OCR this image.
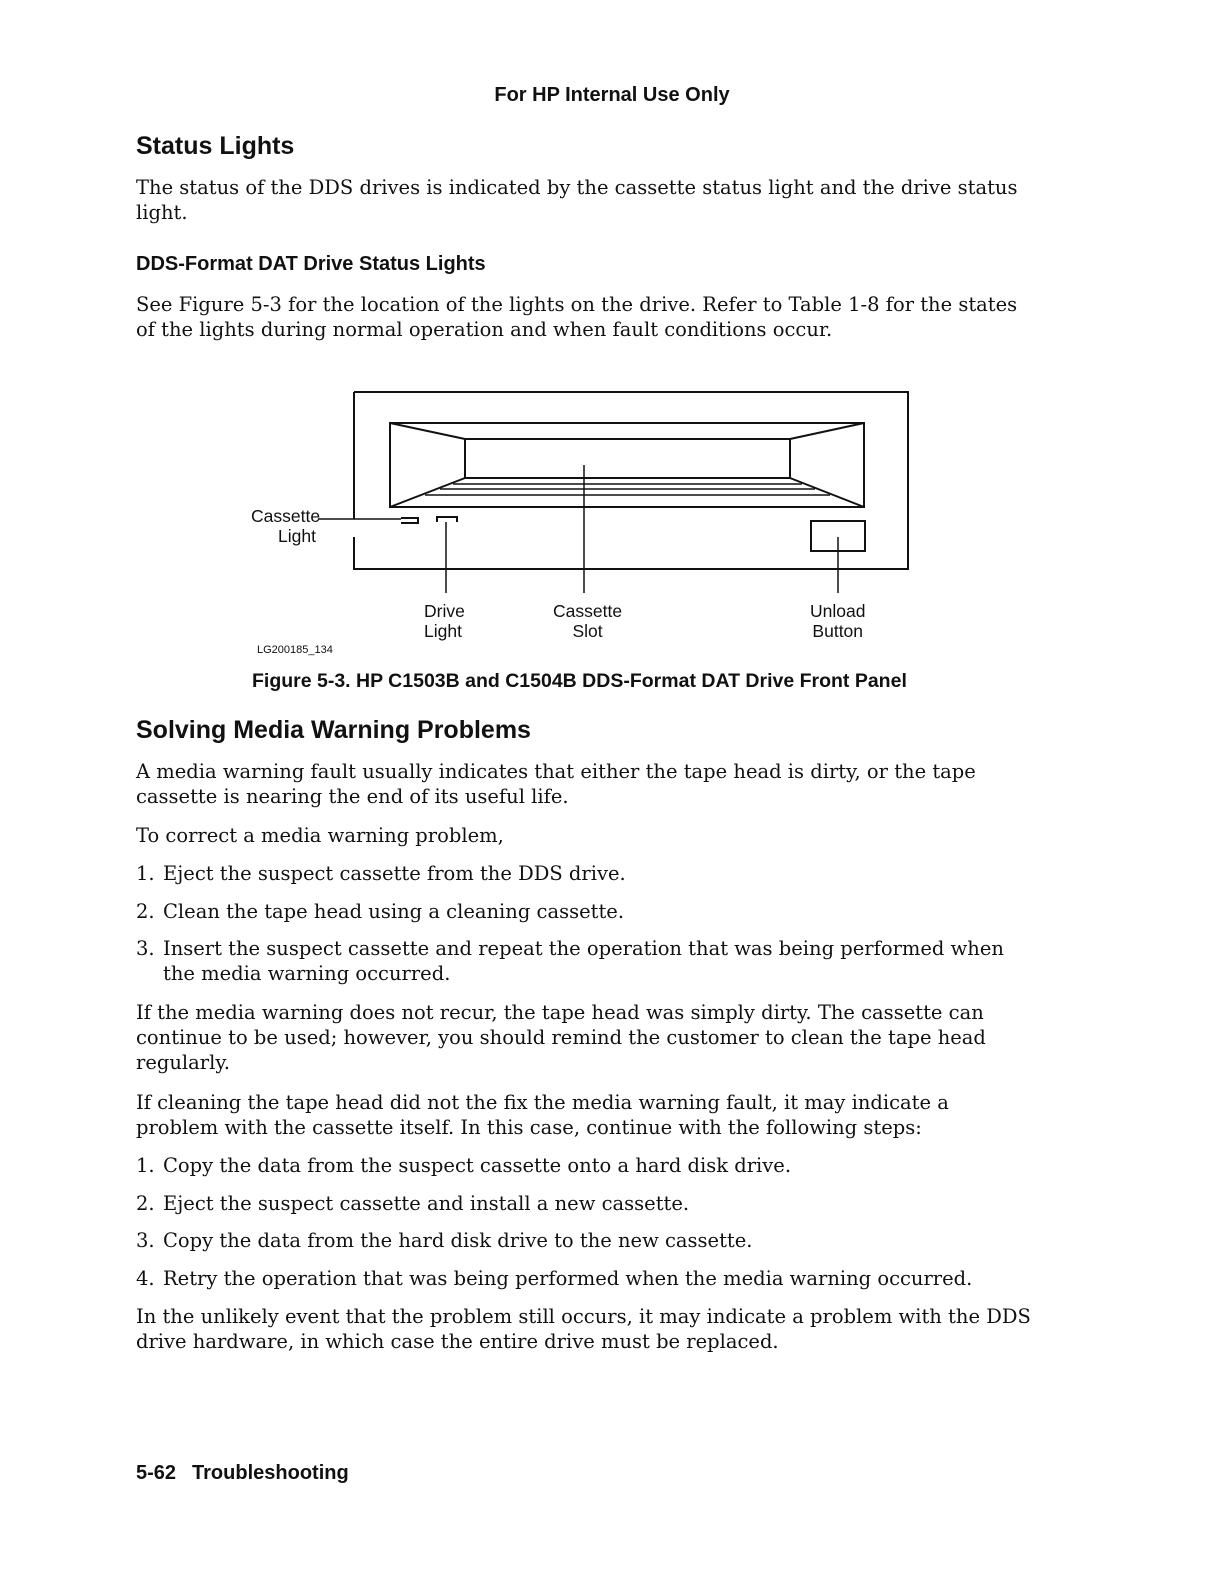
For HP Internal Use Only
Status Lights

The status of the DDS drives is indicated by the cassette status light and the drive status light.

DDS-Format DAT Drive Status Lights

See Figure 5-3 for the location of the lights on the drive. Refer to Table 1-8 for the states of the lights during normal operation and when fault conditions occur.

Cassette
Light
Drive
Light
Cassette
Slot
Unload
Button
LG200185_134
Figure 5-3. HP C1503B and C1504B DDS-Format DAT Drive Front Panel
Solving Media Warning Problems

A media warning fault usually indicates that either the tape head is dirty, or the tape cassette is nearing the end of its useful life.

To correct a media warning problem,

1. Eject the suspect cassette from the DDS drive.
2. Clean the tape head using a cleaning cassette.
3. Insert the suspect cassette and repeat the operation that was being performed when the media warning occurred.

If the media warning does not recur, the tape head was simply dirty. The cassette can continue to be used; however, you should remind the customer to clean the tape head regularly.

If cleaning the tape head did not the fix the media warning fault, it may indicate a problem with the cassette itself. In this case, continue with the following steps:

1. Copy the data from the suspect cassette onto a hard disk drive.
2. Eject the suspect cassette and install a new cassette.
3. Copy the data from the hard disk drive to the new cassette.
4. Retry the operation that was being performed when the media warning occurred.

In the unlikely event that the problem still occurs, it may indicate a problem with the DDS drive hardware, in which case the entire drive must be replaced.

5-62 Troubleshooting
